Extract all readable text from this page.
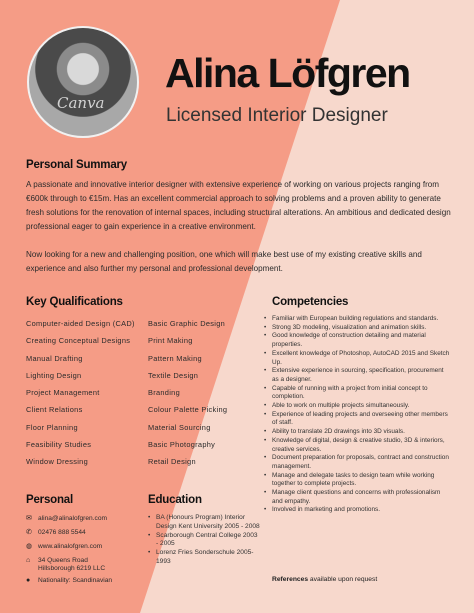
Canva
Alina Löfgren
Licensed Interior Designer
Personal Summary
A passionate and innovative interior designer with extensive experience of working on various projects ranging from €600k through to €15m. Has an excellent commercial approach to solving problems and a proven ability to generate fresh solutions for the renovation of internal spaces, including structural alterations. An ambitious and dedicated design professional eager to gain experience in a creative environment.
Now looking for a new and challenging position, one which will make best use of my existing creative skills and experience and also further my personal and professional development.
Key Qualifications
Computer-aided Design (CAD)
Creating Conceptual Designs
Manual Drafting
Lighting Design
Project Management
Client Relations
Floor Planning
Feasibility Studies
Window Dressing
Basic Graphic Design
Print Making
Pattern Making
Textile Design
Branding
Colour Palette Picking
Material Sourcing
Basic Photography
Retail Design
Competencies
• Familiar with European building regulations and standards.
• Strong 3D modeling, visualization and animation skills.
• Good knowledge of construction detailing and material properties.
• Excellent knowledge of Photoshop, AutoCAD 2015 and Sketch Up.
• Extensive experience in sourcing, specification, procurement as a designer.
• Capable of running with a project from initial concept to completion.
• Able to work on multiple projects simultaneously.
• Experience of leading projects and overseeing other members of staff.
• Ability to translate 2D drawings into 3D visuals.
• Knowledge of digital, design & creative studio, 3D & interiors, creative services.
• Document preparation for proposals, contract and construction management.
• Manage and delegate tasks to design team while working together to complete projects.
• Manage client questions and concerns with professionalism and empathy.
• Involved in marketing and promotions.
References available upon request
Personal
✉ alina@alinalofgren.com
✆ 02476 888 5544
◍ www.alinalofgren.com
⌂	34 Queens Road Hillsborough 6219 LLC
● Nationality: Scandinavian
Education
• BA (Honours Program) Interior Design Kent University 2005 - 2008
• Scarborough Central College 2003 - 2005
• Lorenz Fries Sonderschule 2005-1993
